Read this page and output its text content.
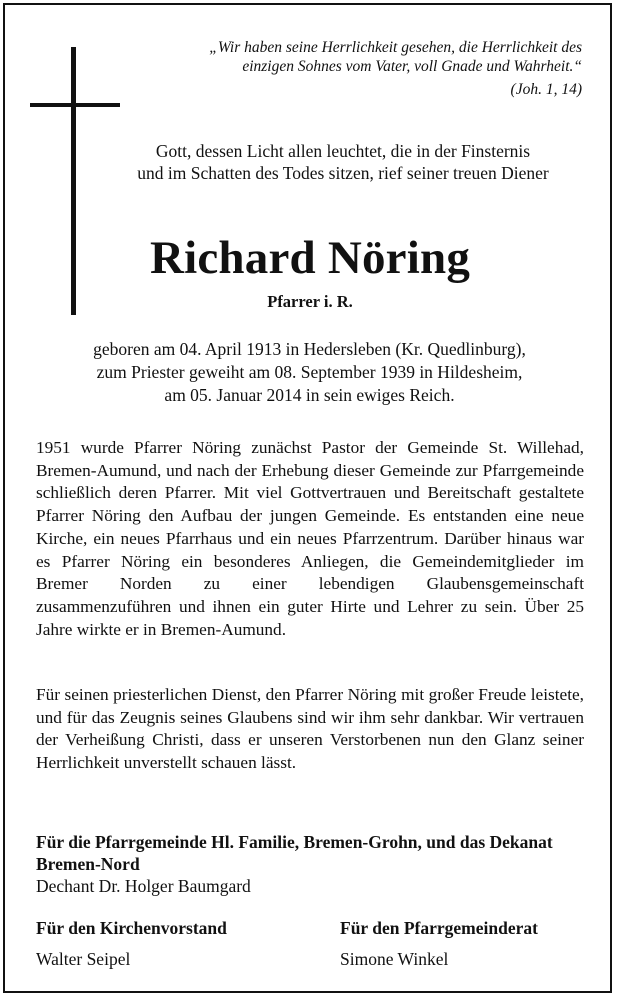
„Wir haben seine Herrlichkeit gesehen, die Herrlichkeit des
einzigen Sohnes vom Vater, voll Gnade und Wahrheit.“
(Joh. 1, 14)
Gott, dessen Licht allen leuchtet, die in der Finsternis
und im Schatten des Todes sitzen, rief seiner treuen Diener
Richard Nöring
Pfarrer i. R.
geboren am 04. April 1913 in Hedersleben (Kr. Quedlinburg),
zum Priester geweiht am 08. September 1939 in Hildesheim,
am 05. Januar 2014 in sein ewiges Reich.
1951 wurde Pfarrer Nöring zunächst Pastor der Gemeinde St. Willehad, Bremen-Aumund, und nach der Erhebung dieser Gemeinde zur Pfarrgemeinde schließlich deren Pfarrer. Mit viel Gottvertrauen und Bereitschaft gestaltete Pfarrer Nöring den Aufbau der jungen Gemeinde. Es entstanden eine neue Kirche, ein neues Pfarrhaus und ein neues Pfarrzentrum. Darüber hinaus war es Pfarrer Nöring ein besonderes Anliegen, die Gemeindemitglieder im Bremer Norden zu einer lebendigen Glaubensgemeinschaft zusammenzuführen und ihnen ein guter Hirte und Lehrer zu sein. Über 25 Jahre wirkte er in Bremen-Aumund.
Für seinen priesterlichen Dienst, den Pfarrer Nöring mit großer Freude leistete, und für das Zeugnis seines Glaubens sind wir ihm sehr dankbar. Wir vertrauen der Verheißung Christi, dass er unseren Verstorbenen nun den Glanz seiner Herrlichkeit unverstellt schauen lässt.
Für die Pfarrgemeinde Hl. Familie, Bremen-Grohn, und das Dekanat Bremen-Nord
Dechant Dr. Holger Baumgard
Für den Kirchenvorstand
Walter Seipel
Für den Pfarrgemeinderat
Simone Winkel
